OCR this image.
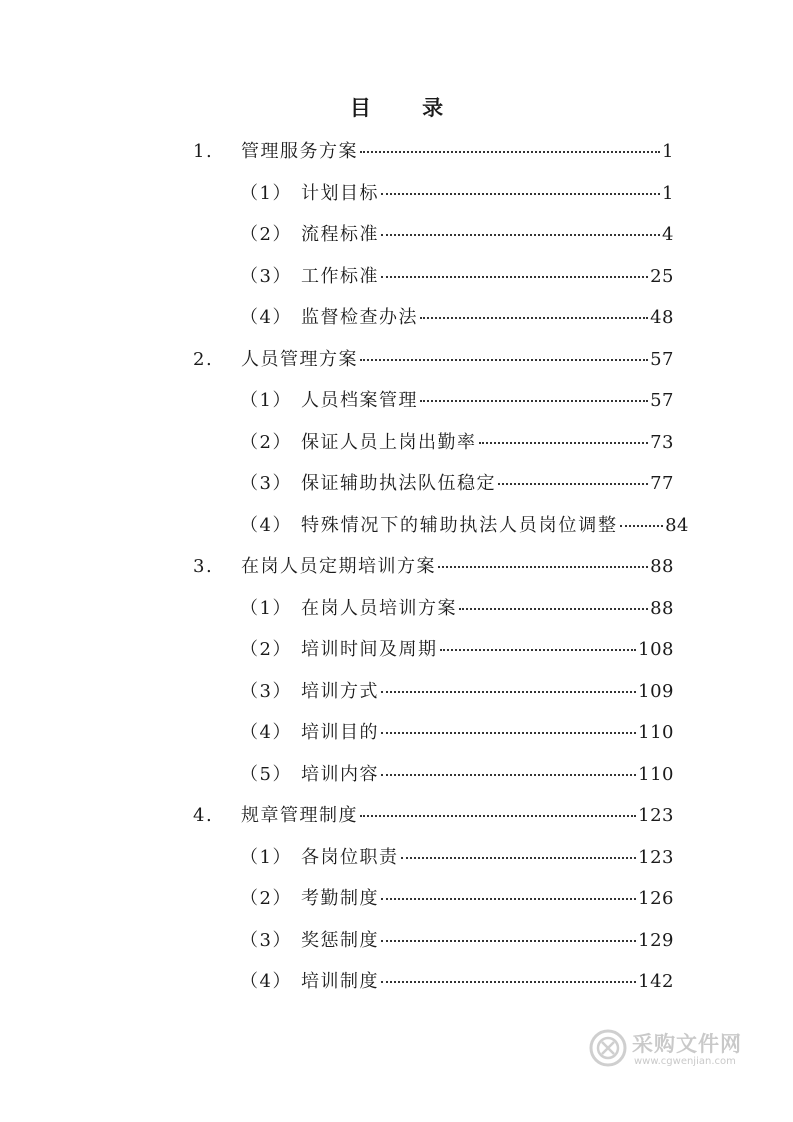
目 录
1. 管理服务方案	1
（1） 计划目标	1
（2） 流程标准	4
（3） 工作标准	25
（4） 监督检查办法	48
2. 人员管理方案	57
（1） 人员档案管理	57
（2） 保证人员上岗出勤率	73
（3） 保证辅助执法队伍稳定	77
（4） 特殊情况下的辅助执法人员岗位调整	84
3. 在岗人员定期培训方案	88
（1） 在岗人员培训方案	88
（2） 培训时间及周期	108
（3） 培训方式	109
（4） 培训目的	110
（5） 培训内容	110
4. 规章管理制度	123
（1） 各岗位职责	123
（2） 考勤制度	126
（3） 奖惩制度	129
（4） 培训制度	142
采购文件网
www.cgwenjian.com
